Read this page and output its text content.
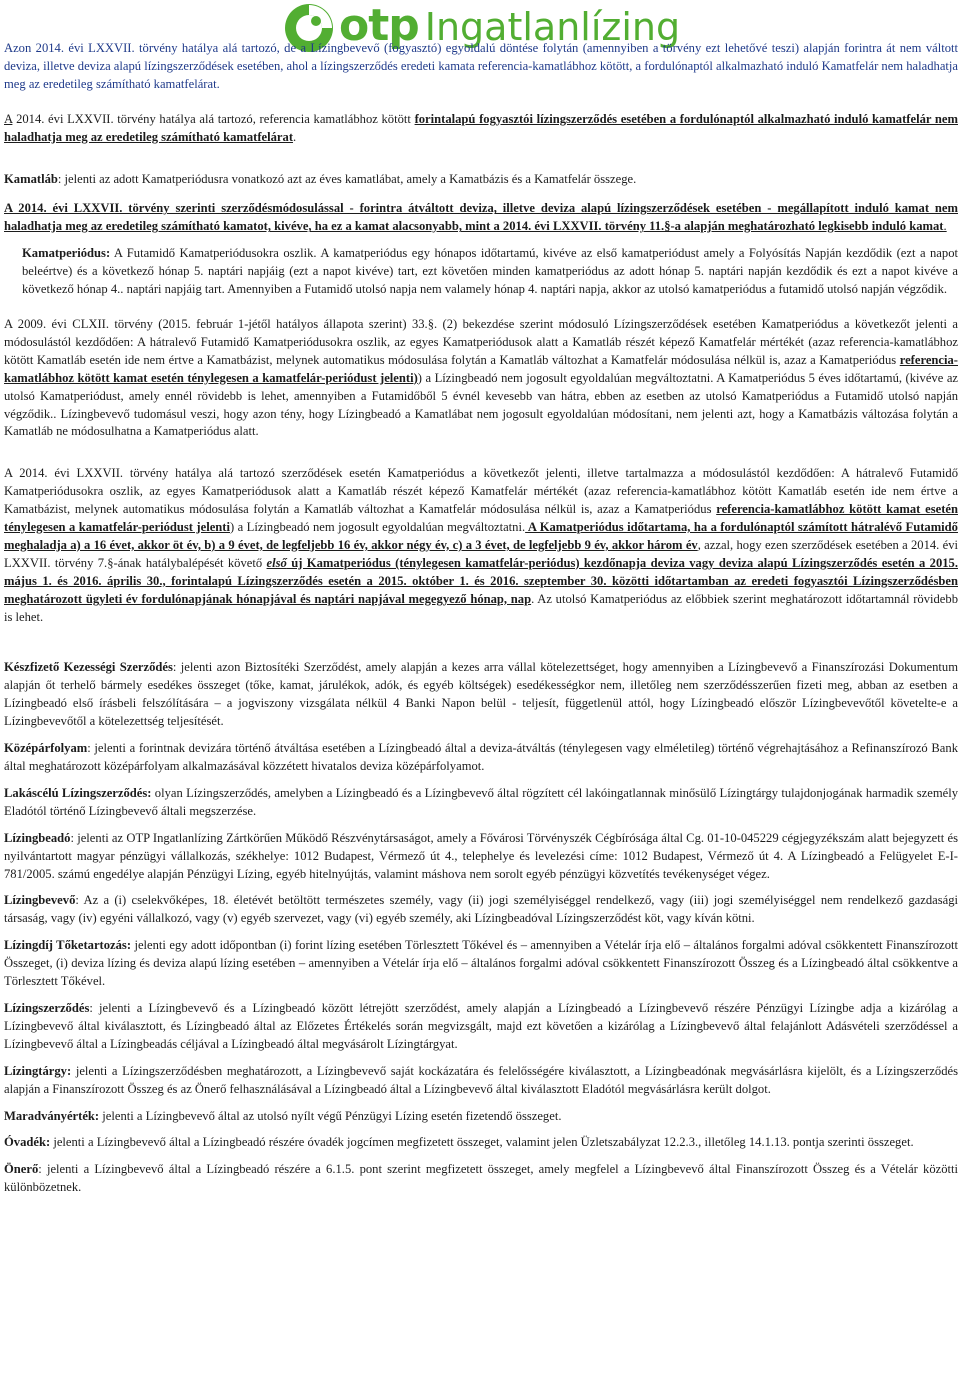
otp Ingatlanlízing

Azon 2014. évi LXXVII. törvény hatálya alá tartozó, de a Lízingbevevő (fogyasztó) egyoldalú döntése folytán (amennyiben a törvény ezt lehetővé teszi) alapján forintra át nem váltott deviza, illetve deviza alapú lízingszerződések esetében, ahol a lízingszerződés eredeti kamata referencia-kamatlábhoz kötött, a fordulónaptól alkalmazható induló Kamatfelár nem haladhatja meg az eredetileg számítható kamatfelárat.

A 2014. évi LXXVII. törvény hatálya alá tartozó, referencia kamatlábhoz kötött forintalapú fogyasztói lízingszerződés esetében a fordulónaptól alkalmazható induló kamatfelár nem haladhatja meg az eredetileg számítható kamatfelárat.

Kamatláb: jelenti az adott Kamatperiódusra vonatkozó azt az éves kamatlábat, amely a Kamatbázis és a Kamatfelár összege.

A 2014. évi LXXVII. törvény szerinti szerződésmódosulással - forintra átváltott deviza, illetve deviza alapú lízingszerződések esetében - megállapított induló kamat nem haladhatja meg az eredetileg számítható kamatot, kivéve, ha ez a kamat alacsonyabb, mint a 2014. évi LXXVII. törvény 11.§-a alapján meghatározható legkisebb induló kamat.

Kamatperiódus: A Futamidő Kamatperiódusokra oszlik. A kamatperiódus egy hónapos időtartamú, kivéve az első kamatperiódust amely a Folyósítás Napján kezdődik (ezt a napot beleértve) és a következő hónap 5. naptári napjáig (ezt a napot kivéve) tart, ezt követően minden kamatperiódus az adott hónap 5. naptári napján kezdődik és ezt a napot kivéve a következő hónap 4.. naptári napjáig tart. Amennyiben a Futamidő utolsó napja nem valamely hónap 4. naptári napja, akkor az utolsó kamatperiódus a futamidő utolsó napján végződik.

A 2009. évi CLXII. törvény (2015. február 1-jétől hatályos állapota szerint) 33.§. (2) bekezdése szerint módosuló Lízingszerződések esetében Kamatperiódus a következőt jelenti a módosulástól kezdődően: A hátralevő Futamidő Kamatperiódusokra oszlik, az egyes Kamatperiódusok alatt a Kamatláb részét képező Kamatfelár mértékét (azaz referencia-kamatlábhoz kötött Kamatláb esetén ide nem értve a Kamatbázist, melynek automatikus módosulása folytán a Kamatláb változhat a Kamatfelár módosulása nélkül is, azaz a Kamatperiódus referencia-kamatlábhoz kötött kamat esetén ténylegesen a kamatfelár-periódust jelenti)) a Lízingbeadó nem jogosult egyoldalúan megváltoztatni. A Kamatperiódus 5 éves időtartamú, (kivéve az utolsó Kamatperiódust, amely ennél rövidebb is lehet, amennyiben a Futamidőből 5 évnél kevesebb van hátra, ebben az esetben az utolsó Kamatperiódus a Futamidő utolsó napján végződik.. Lízingbevevő tudomásul veszi, hogy azon tény, hogy Lízingbeadó a Kamatlábat nem jogosult egyoldalúan módosítani, nem jelenti azt, hogy a Kamatbázis változása folytán a Kamatláb ne módosulhatna a Kamatperiódus alatt.

A 2014. évi LXXVII. törvény hatálya alá tartozó szerződések esetén Kamatperiódus a következőt jelenti, illetve tartalmazza a módosulástól kezdődően: A hátralevő Futamidő Kamatperiódusokra oszlik, az egyes Kamatperiódusok alatt a Kamatláb részét képező Kamatfelár mértékét (azaz referencia-kamatlábhoz kötött Kamatláb esetén ide nem értve a Kamatbázist, melynek automatikus módosulása folytán a Kamatláb változhat a Kamatfelár módosulása nélkül is, azaz a Kamatperiódus referencia-kamatlábhoz kötött kamat esetén ténylegesen a kamatfelár-periódust jelenti) a Lízingbeadó nem jogosult egyoldalúan megváltoztatni. A Kamatperiódus időtartama, ha a fordulónaptól számított hátralévő Futamidő meghaladja a) a 16 évet, akkor öt év, b) a 9 évet, de legfeljebb 16 év, akkor négy év, c) a 3 évet, de legfeljebb 9 év, akkor három év, azzal, hogy ezen szerződések esetében a 2014. évi LXXVII. törvény 7.§-ának hatálybalépését követő első új Kamatperiódus (ténylegesen kamatfelár-periódus) kezdőnapja deviza vagy deviza alapú Lízingszerződés esetén a 2015. május 1. és 2016. április 30., forintalapú Lízingszerződés esetén a 2015. október 1. és 2016. szeptember 30. közötti időtartamban az eredeti fogyasztói Lízingszerződésben meghatározott ügyleti év fordulónapjának hónapjával és naptári napjával megegyező hónap, nap. Az utolsó Kamatperiódus az előbbiek szerint meghatározott időtartamnál rövidebb is lehet.

Készfizető Kezességi Szerződés: jelenti azon Biztosítéki Szerződést, amely alapján a kezes arra vállal kötelezettséget, hogy amennyiben a Lízingbevevő a Finanszírozási Dokumentum alapján őt terhelő bármely esedékes összeget (tőke, kamat, járulékok, adók, és egyéb költségek) esedékességkor nem, illetőleg nem szerződésszerűen fizeti meg, abban az esetben a Lízingbeadó első írásbeli felszólítására – a jogviszony vizsgálata nélkül 4 Banki Napon belül - teljesít, függetlenül attól, hogy Lízingbeadó először Lízingbevevőtől követelte-e a Lízingbevevőtől a kötelezettség teljesítését.

Középárfolyam: jelenti a forintnak devizára történő átváltása esetében a Lízingbeadó által a deviza-átváltás (ténylegesen vagy elméletileg) történő végrehajtásához a Refinanszírozó Bank által meghatározott középárfolyam alkalmazásával közzétett hivatalos deviza középárfolyamot.

Lakáscélú Lízingszerződés: olyan Lízingszerződés, amelyben a Lízingbeadó és a Lízingbevevő által rögzített cél lakóingatlannak minősülő Lízingtárgy tulajdonjogának harmadik személy Eladótól történő Lízingbevevő általi megszerzése.

Lízingbeadó: jelenti az OTP Ingatlanlízing Zártkörűen Működő Részvénytársaságot, amely a Fővárosi Törvényszék Cégbírósága által Cg. 01-10-045229 cégjegyzékszám alatt bejegyzett és nyilvántartott magyar pénzügyi vállalkozás, székhelye: 1012 Budapest, Vérmező út 4., telephelye és levelezési címe: 1012 Budapest, Vérmező út 4. A Lízingbeadó a Felügyelet E-I-781/2005. számú engedélye alapján Pénzügyi Lízing, egyéb hitelnyújtás, valamint máshova nem sorolt egyéb pénzügyi közvetítés tevékenységet végez.

Lízingbevevő: Az a (i) cselekvőképes, 18. életévét betöltött természetes személy, vagy (ii) jogi személyiséggel rendelkező, vagy (iii) jogi személyiséggel nem rendelkező gazdasági társaság, vagy (iv) egyéni vállalkozó, vagy (v) egyéb szervezet, vagy (vi) egyéb személy, aki Lízingbeadóval Lízingszerződést köt, vagy kíván kötni.

Lízingdíj Tőketartozás: jelenti egy adott időpontban (i) forint lízing esetében Törlesztett Tőkével és – amennyiben a Vételár írja elő – általános forgalmi adóval csökkentett Finanszírozott Összeget, (i) deviza lízing és deviza alapú lízing esetében – amennyiben a Vételár írja elő – általános forgalmi adóval csökkentett Finanszírozott Összeg és a Lízingbeadó által csökkentve a Törlesztett Tőkével.

Lízingszerződés: jelenti a Lízingbevevő és a Lízingbeadó között létrejött szerződést, amely alapján a Lízingbeadó a Lízingbevevő részére Pénzügyi Lízingbe adja a kizárólag a Lízingbevevő által kiválasztott, és Lízingbeadó által az Előzetes Értékelés során megvizsgált, majd ezt követően a kizárólag a Lízingbevevő által felajánlott Adásvételi szerződéssel a Lízingbevevő által a Lízingbeadás céljával a Lízingbeadó által megvásárolt Lízingtárgyat.

Lízingtárgy: jelenti a Lízingszerződésben meghatározott, a Lízingbevevő saját kockázatára és felelősségére kiválasztott, a Lízingbeadónak megvásárlásra kijelölt, és a Lízingszerződés alapján a Finanszírozott Összeg és az Önerő felhasználásával a Lízingbeadó által a Lízingbevevő által kiválasztott Eladótól megvásárlásra került dolgot.

Maradványérték: jelenti a Lízingbevevő által az utolsó nyílt végű Pénzügyi Lízing esetén fizetendő összeget.

Óvadék: jelenti a Lízingbevevő által a Lízingbeadó részére óvadék jogcímen megfizetett összeget, valamint jelen Üzletszabályzat 12.2.3., illetőleg 14.1.13. pontja szerinti összeget.

Önerő: jelenti a Lízingbevevő által a Lízingbeadó részére a 6.1.5. pont szerint megfizetett összeget, amely megfelel a Lízingbevevő által Finanszírozott Összeg és a Vételár közötti különbözetnek.
